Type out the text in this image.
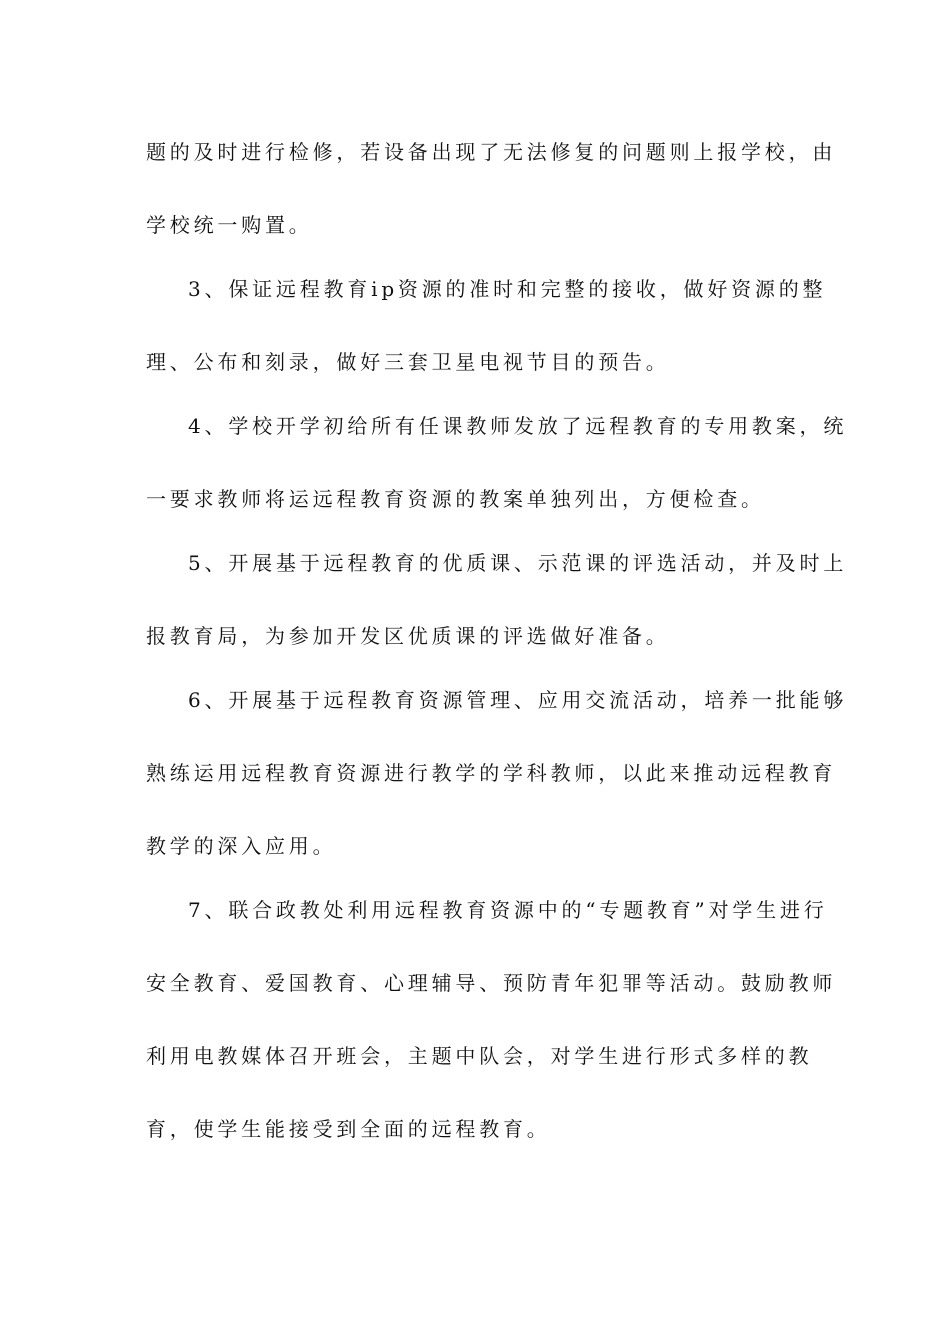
题的及时进行检修，若设备出现了无法修复的问题则上报学校，由
学校统一购置。
3、保证远程教育ip资源的准时和完整的接收，做好资源的整
理、公布和刻录，做好三套卫星电视节目的预告。
4、学校开学初给所有任课教师发放了远程教育的专用教案，统
一要求教师将运远程教育资源的教案单独列出，方便检查。
5、开展基于远程教育的优质课、示范课的评选活动，并及时上
报教育局，为参加开发区优质课的评选做好准备。
6、开展基于远程教育资源管理、应用交流活动，培养一批能够
熟练运用远程教育资源进行教学的学科教师，以此来推动远程教育
教学的深入应用。
7、联合政教处利用远程教育资源中的“专题教育”对学生进行
安全教育、爱国教育、心理辅导、预防青年犯罪等活动。鼓励教师
利用电教媒体召开班会，主题中队会，对学生进行形式多样的教
育，使学生能接受到全面的远程教育。
